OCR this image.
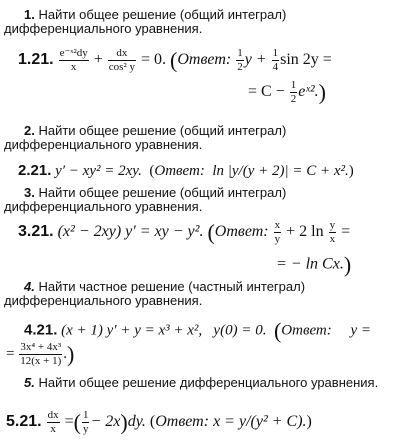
1. Найти общее решение (общий интеграл) дифференциального уравнения.
1.21. $\frac{\text{e⁻ˣ²dy}}{x} + \frac{dx}{\text{cos² y}} = 0$. (Ответ: $\frac{1}{2}$ $y + \frac{1}{4}$ sin 2y =
= $C - \frac{1}{2}$ eˣ².)
2. Найти общее решение (общий интеграл) дифференциального уравнения.
2.21. y′ − xy² = 2xy. (Ответ: ln |y/(y + 2)| = C + x².)
3. Найти общее решение (общий интеграл) дифференциального уравнения.
3.21. (x² − 2xy) y′ = xy − y². (Ответ: $\frac{x}{y} + 2$ $\ln \frac{y}{x}$ =
= − ln Cx.)
4. Найти частное решение (частный интеграл) дифференциального уравнения.
4.21. (x + 1) y′ + y = x³ + x², y(0) = 0. (Ответ: y =
= $\frac{\text{3x⁴ + 4x³}}{12(x + 1)}$ .)
5. Найти общее решение дифференциального уравнения.
5.21. $\frac{dx}{x}$ =( $\frac{1}{y} - 2x)dy$. (Ответ: x = y/(y² + C).)
